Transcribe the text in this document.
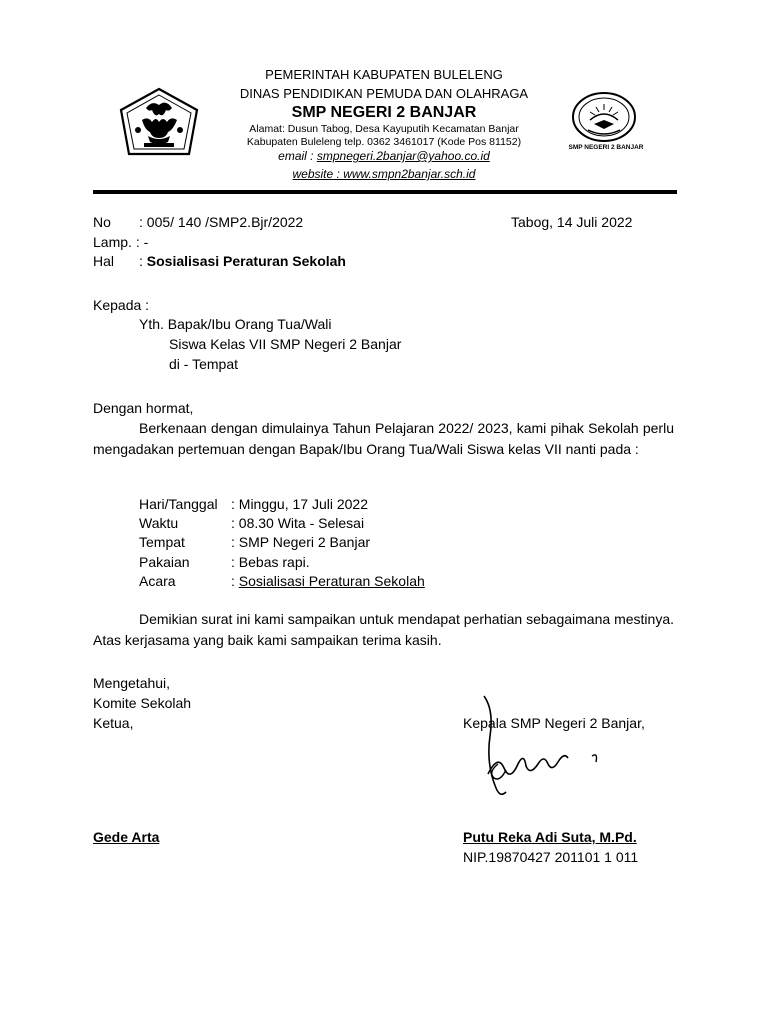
SMP NEGERI 2 BANJAR
PEMERINTAH KABUPATEN BULELENG
DINAS PENDIDIKAN PEMUDA DAN OLAHRAGA
SMP NEGERI 2 BANJAR
Alamat: Dusun Tabog, Desa Kayuputih Kecamatan Banjar
Kabupaten Buleleng telp. 0362 3461017 (Kode Pos 81152)
email : smpnegeri.2banjar@yahoo.co.id
website : www.smpn2banjar.sch.id
No : 005/ 140 /SMP2.Bjr/2022	Tabog, 14 Juli 2022
Lamp. : -
Hal : Sosialisasi Peraturan Sekolah
Kepada :
Yth. Bapak/Ibu Orang Tua/Wali
Siswa Kelas VII SMP Negeri 2 Banjar
di - Tempat
Dengan hormat,
Berkenaan dengan dimulainya Tahun Pelajaran 2022/ 2023, kami pihak Sekolah perlu mengadakan pertemuan dengan Bapak/Ibu Orang Tua/Wali Siswa kelas VII nanti pada :
Hari/Tanggal : Minggu, 17 Juli 2022
Waktu	: 08.30 Wita - Selesai
Tempat	: SMP Negeri 2 Banjar
Pakaian	: Bebas rapi.
Acara	: Sosialisasi Peraturan Sekolah
Demikian surat ini kami sampaikan untuk mendapat perhatian sebagaimana mestinya. Atas kerjasama yang baik kami sampaikan terima kasih.
Mengetahui,
Komite Sekolah
Ketua,	Kepala SMP Negeri 2 Banjar,
Gede Arta	Putu Reka Adi Suta, M.Pd.
NIP.19870427 201101 1 011
